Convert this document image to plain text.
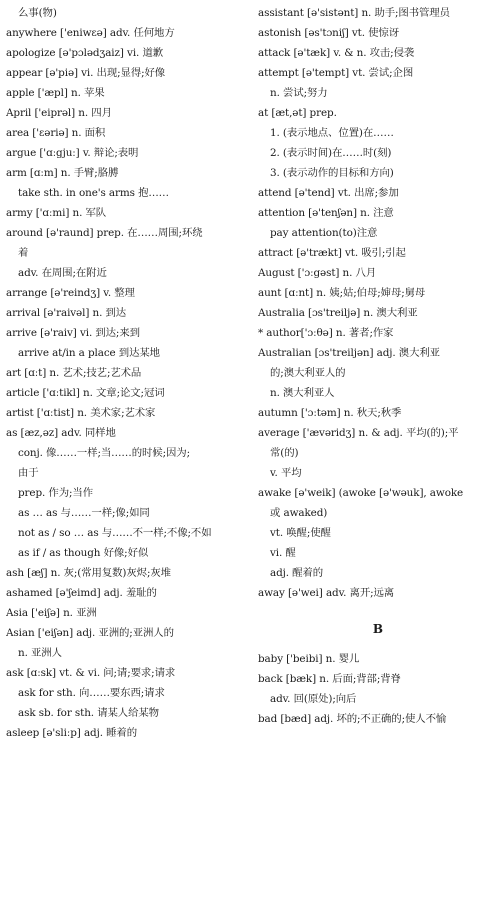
么事(物)
anywhere ['eniwɛə] adv. 任何地方
apologize [ə'pɔlədʒaiz] vi. 道歉
appear [ə'piə] vi. 出现;显得;好像
apple ['æpl] n. 苹果
April ['eiprəl] n. 四月
area ['ɛəriə] n. 面积
argue ['ɑːgjuː] v. 辩论;表明
arm [ɑːm] n. 手臂;胳膊
take sth. in one's arms 抱……
army ['ɑːmi] n. 军队
around [ə'raund] prep. 在……周围;环绕
着
adv. 在周围;在附近
arrange [ə'reindʒ] v. 整理
arrival [ə'raivəl] n. 到达
arrive [ə'raiv] vi. 到达;来到
arrive at/in a place 到达某地
art [ɑːt] n. 艺术;技艺;艺术品
article ['ɑːtikl] n. 文章;论文;冠词
artist ['ɑːtist] n. 美术家;艺术家
as [æz,əz] adv. 同样地
conj. 像……一样;当……的时候;因为;
由于
prep. 作为;当作
as … as 与……一样;像;如同
not as / so … as 与……不一样;不像;不如
as if / as though 好像;好似
ash [æʃ] n. 灰;(常用复数)灰烬;灰堆
ashamed [ə'ʃeimd] adj. 羞耻的
Asia ['eiʃə] n. 亚洲
Asian ['eiʃən] adj. 亚洲的;亚洲人的
n. 亚洲人
ask [ɑːsk] vt. & vi. 问;请;要求;请求
ask for sth. 向……要东西;请求
ask sb. for sth. 请某人给某物
asleep [ə'sliːp] adj. 睡着的
assistant [ə'sistənt] n. 助手;图书管理员
astonish [əs'tɔniʃ] vt. 使惊讶
attack [ə'tæk] v. & n. 攻击;侵袭
attempt [ə'tempt] vt. 尝试;企图
n. 尝试;努力
at [æt,ət] prep.
1. (表示地点、位置)在……
2. (表示时间)在……时(刻)
3. (表示动作的目标和方向)
attend [ə'tend] vt. 出席;参加
attention [ə'tenʃən] n. 注意
pay attention(to)注意
attract [ə'trækt] vt. 吸引;引起
August ['ɔːgəst] n. 八月
aunt [ɑːnt] n. 姨;姑;伯母;婶母;舅母
Australia [ɔs'treiljə] n. 澳大利亚
* author['ɔːθə] n. 著者;作家
Australian [ɔs'treiljən] adj. 澳大利亚
的;澳大利亚人的
n. 澳大利亚人
autumn ['ɔːtəm] n. 秋天;秋季
average ['ævəridʒ] n. & adj. 平均(的);平
常(的)
v. 平均
awake [ə'weik] (awoke [ə'wəuk], awoke
或 awaked)
vt. 唤醒;使醒
vi. 醒
adj. 醒着的
away [ə'wei] adv. 离开;远离
B
baby ['beibi] n. 婴儿
back [bæk] n. 后面;背部;背脊
adv. 回(原处);向后
bad [bæd] adj. 坏的;不正确的;使人不愉
